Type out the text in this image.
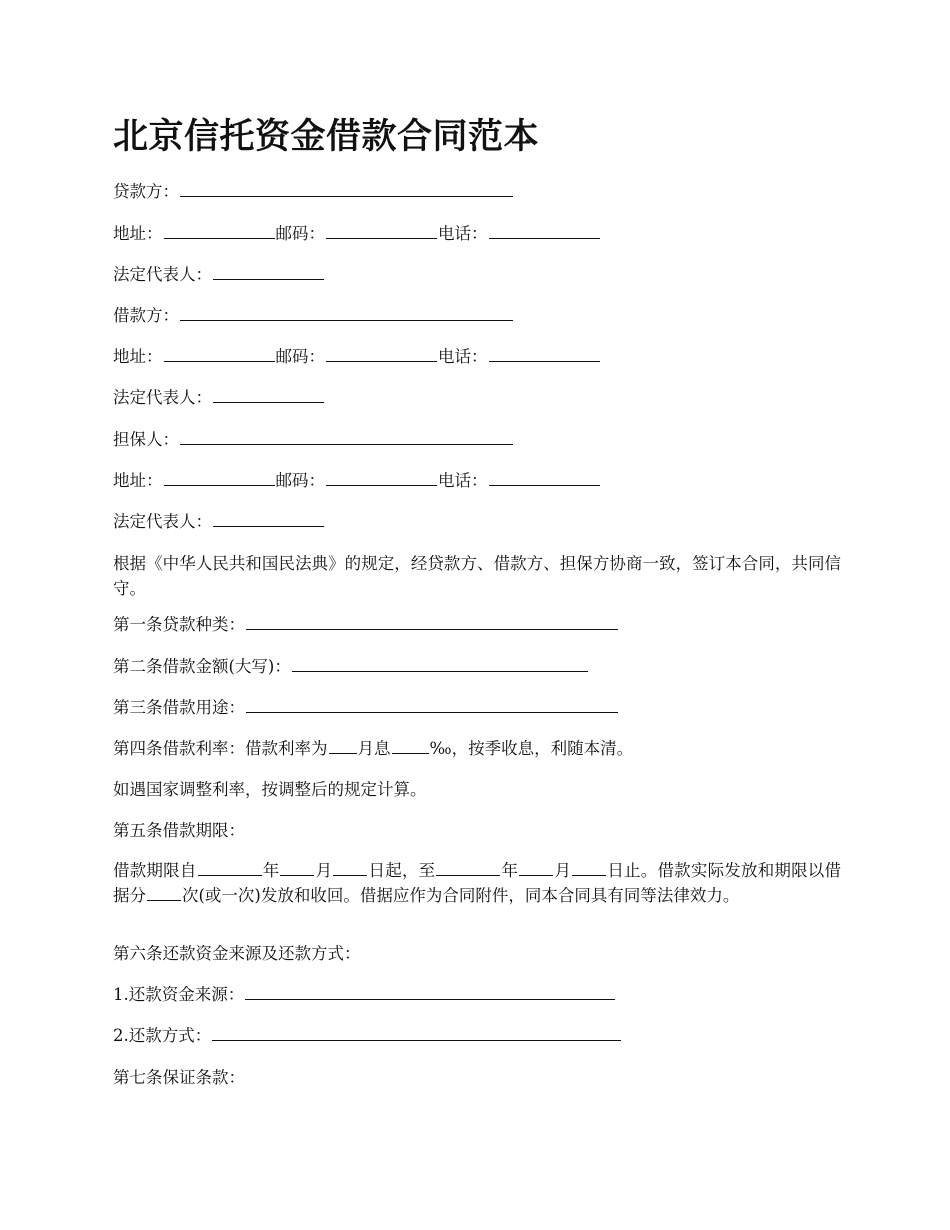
北京信托资金借款合同范本

贷款方：

地址：	邮码：	电话：

法定代表人：

借款方：

地址：	邮码：	电话：

法定代表人：

担保人：

地址：	邮码：	电话：

法定代表人：

根据《中华人民共和国民法典》的规定，经贷款方、借款方、担保方协商一致，签订本合同，共同信守。

第一条贷款种类：

第二条借款金额(大写)：

第三条借款用途：

第四条借款利率：借款利率为 月息 ‰，按季收息，利随本清。

如遇国家调整利率，按调整后的规定计算。

第五条借款期限：

借款期限自	年 月 日起，至	年 月 日止。借款实际发放和期限以借据分 次(或一次)发放和收回。借据应作为合同附件，同本合同具有同等法律效力。

第六条还款资金来源及还款方式：

1.还款资金来源：

2.还款方式：

第七条保证条款：
